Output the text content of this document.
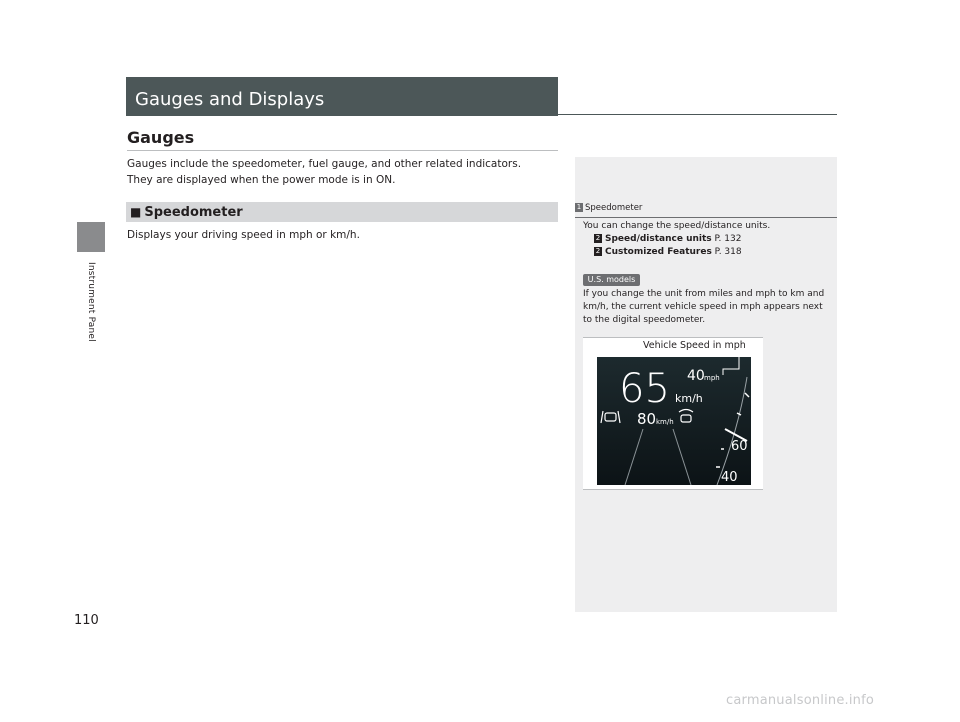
Instrument Panel
110
Gauges and Displays
Gauges
Gauges include the speedometer, fuel gauge, and other related indicators.
They are displayed when the power mode is in ON.
■ Speedometer
Displays your driving speed in mph or km/h.
1 Speedometer
You can change the speed/distance units.
2 Speed/distance units P. 132
2 Customized Features P. 318
U.S. models
If you change the unit from miles and mph to km and
km/h, the current vehicle speed in mph appears next
to the digital speedometer.
Vehicle Speed in mph
65 km/h
40 mph
80 km/h
60
40
carmanualsonline.info
